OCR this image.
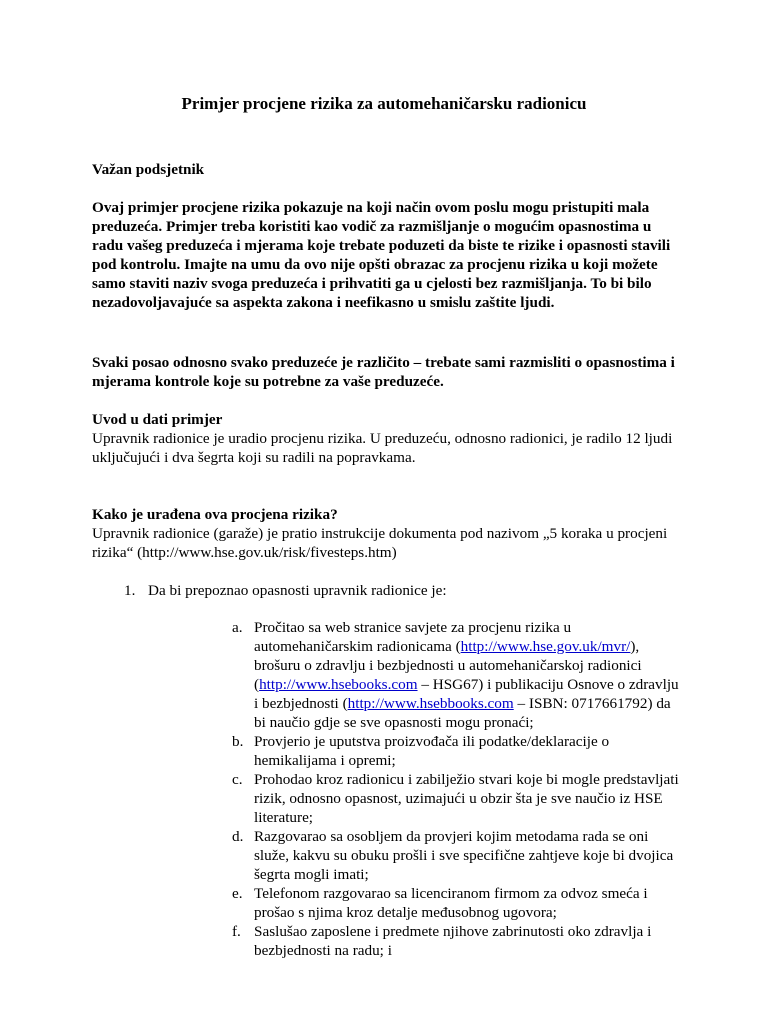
Primjer procjene rizika za automehaničarsku radionicu
Važan podsjetnik

Ovaj primjer procjene rizika pokazuje na koji način ovom poslu mogu pristupiti mala preduzeća. Primjer treba koristiti kao vodič za razmišljanje o mogućim opasnostima u radu vašeg preduzeća i mjerama koje trebate poduzeti da biste te rizike i opasnosti stavili pod kontrolu. Imajte na umu da ovo nije opšti obrazac za procjenu rizika u koji možete samo staviti naziv svoga preduzeća i prihvatiti ga u cjelosti bez razmišljanja. To bi bilo nezadovoljavajuće sa aspekta zakona i neefikasno u smislu zaštite ljudi.

Svaki posao odnosno svako preduzeće je različito – trebate sami razmisliti o opasnostima i mjerama kontrole koje su potrebne za vaše preduzeće.

Uvod u dati primjer

Upravnik radionice je uradio procjenu rizika. U preduzeću, odnosno radionici, je radilo 12 ljudi uključujući i dva šegrta koji su radili na popravkama.

Kako je urađena ova procjena rizika?

Upravnik radionice (garaže) je pratio instrukcije dokumenta pod nazivom „5 koraka u procjeni rizika“ (http://www.hse.gov.uk/risk/fivesteps.htm)

1. Da bi prepoznao opasnosti upravnik radionice je:
a. Pročitao sa web stranice savjete za procjenu rizika u automehaničarskim radionicama (http://www.hse.gov.uk/mvr/), brošuru o zdravlju i bezbjednosti u automehaničarskoj radionici (http://www.hsebooks.com – HSG67) i publikaciju Osnove o zdravlju i bezbjednosti (http://www.hsebbooks.com – ISBN: 0717661792) da bi naučio gdje se sve opasnosti mogu pronaći;
b. Provjerio je uputstva proizvođača ili podatke/deklaracije o hemikalijama i opremi;
c. Prohodao kroz radionicu i zabilježio stvari koje bi mogle predstavljati rizik, odnosno opasnost, uzimajući u obzir šta je sve naučio iz HSE literature;
d. Razgovarao sa osobljem da provjeri kojim metodama rada se oni služe, kakvu su obuku prošli i sve specifične zahtjeve koje bi dvojica šegrta mogli imati;
e. Telefonom razgovarao sa licenciranom firmom za odvoz smeća i prošao s njima kroz detalje međusobnog ugovora;
f. Saslušao zaposlene i predmete njihove zabrinutosti oko zdravlja i bezbjednosti na radu; i
